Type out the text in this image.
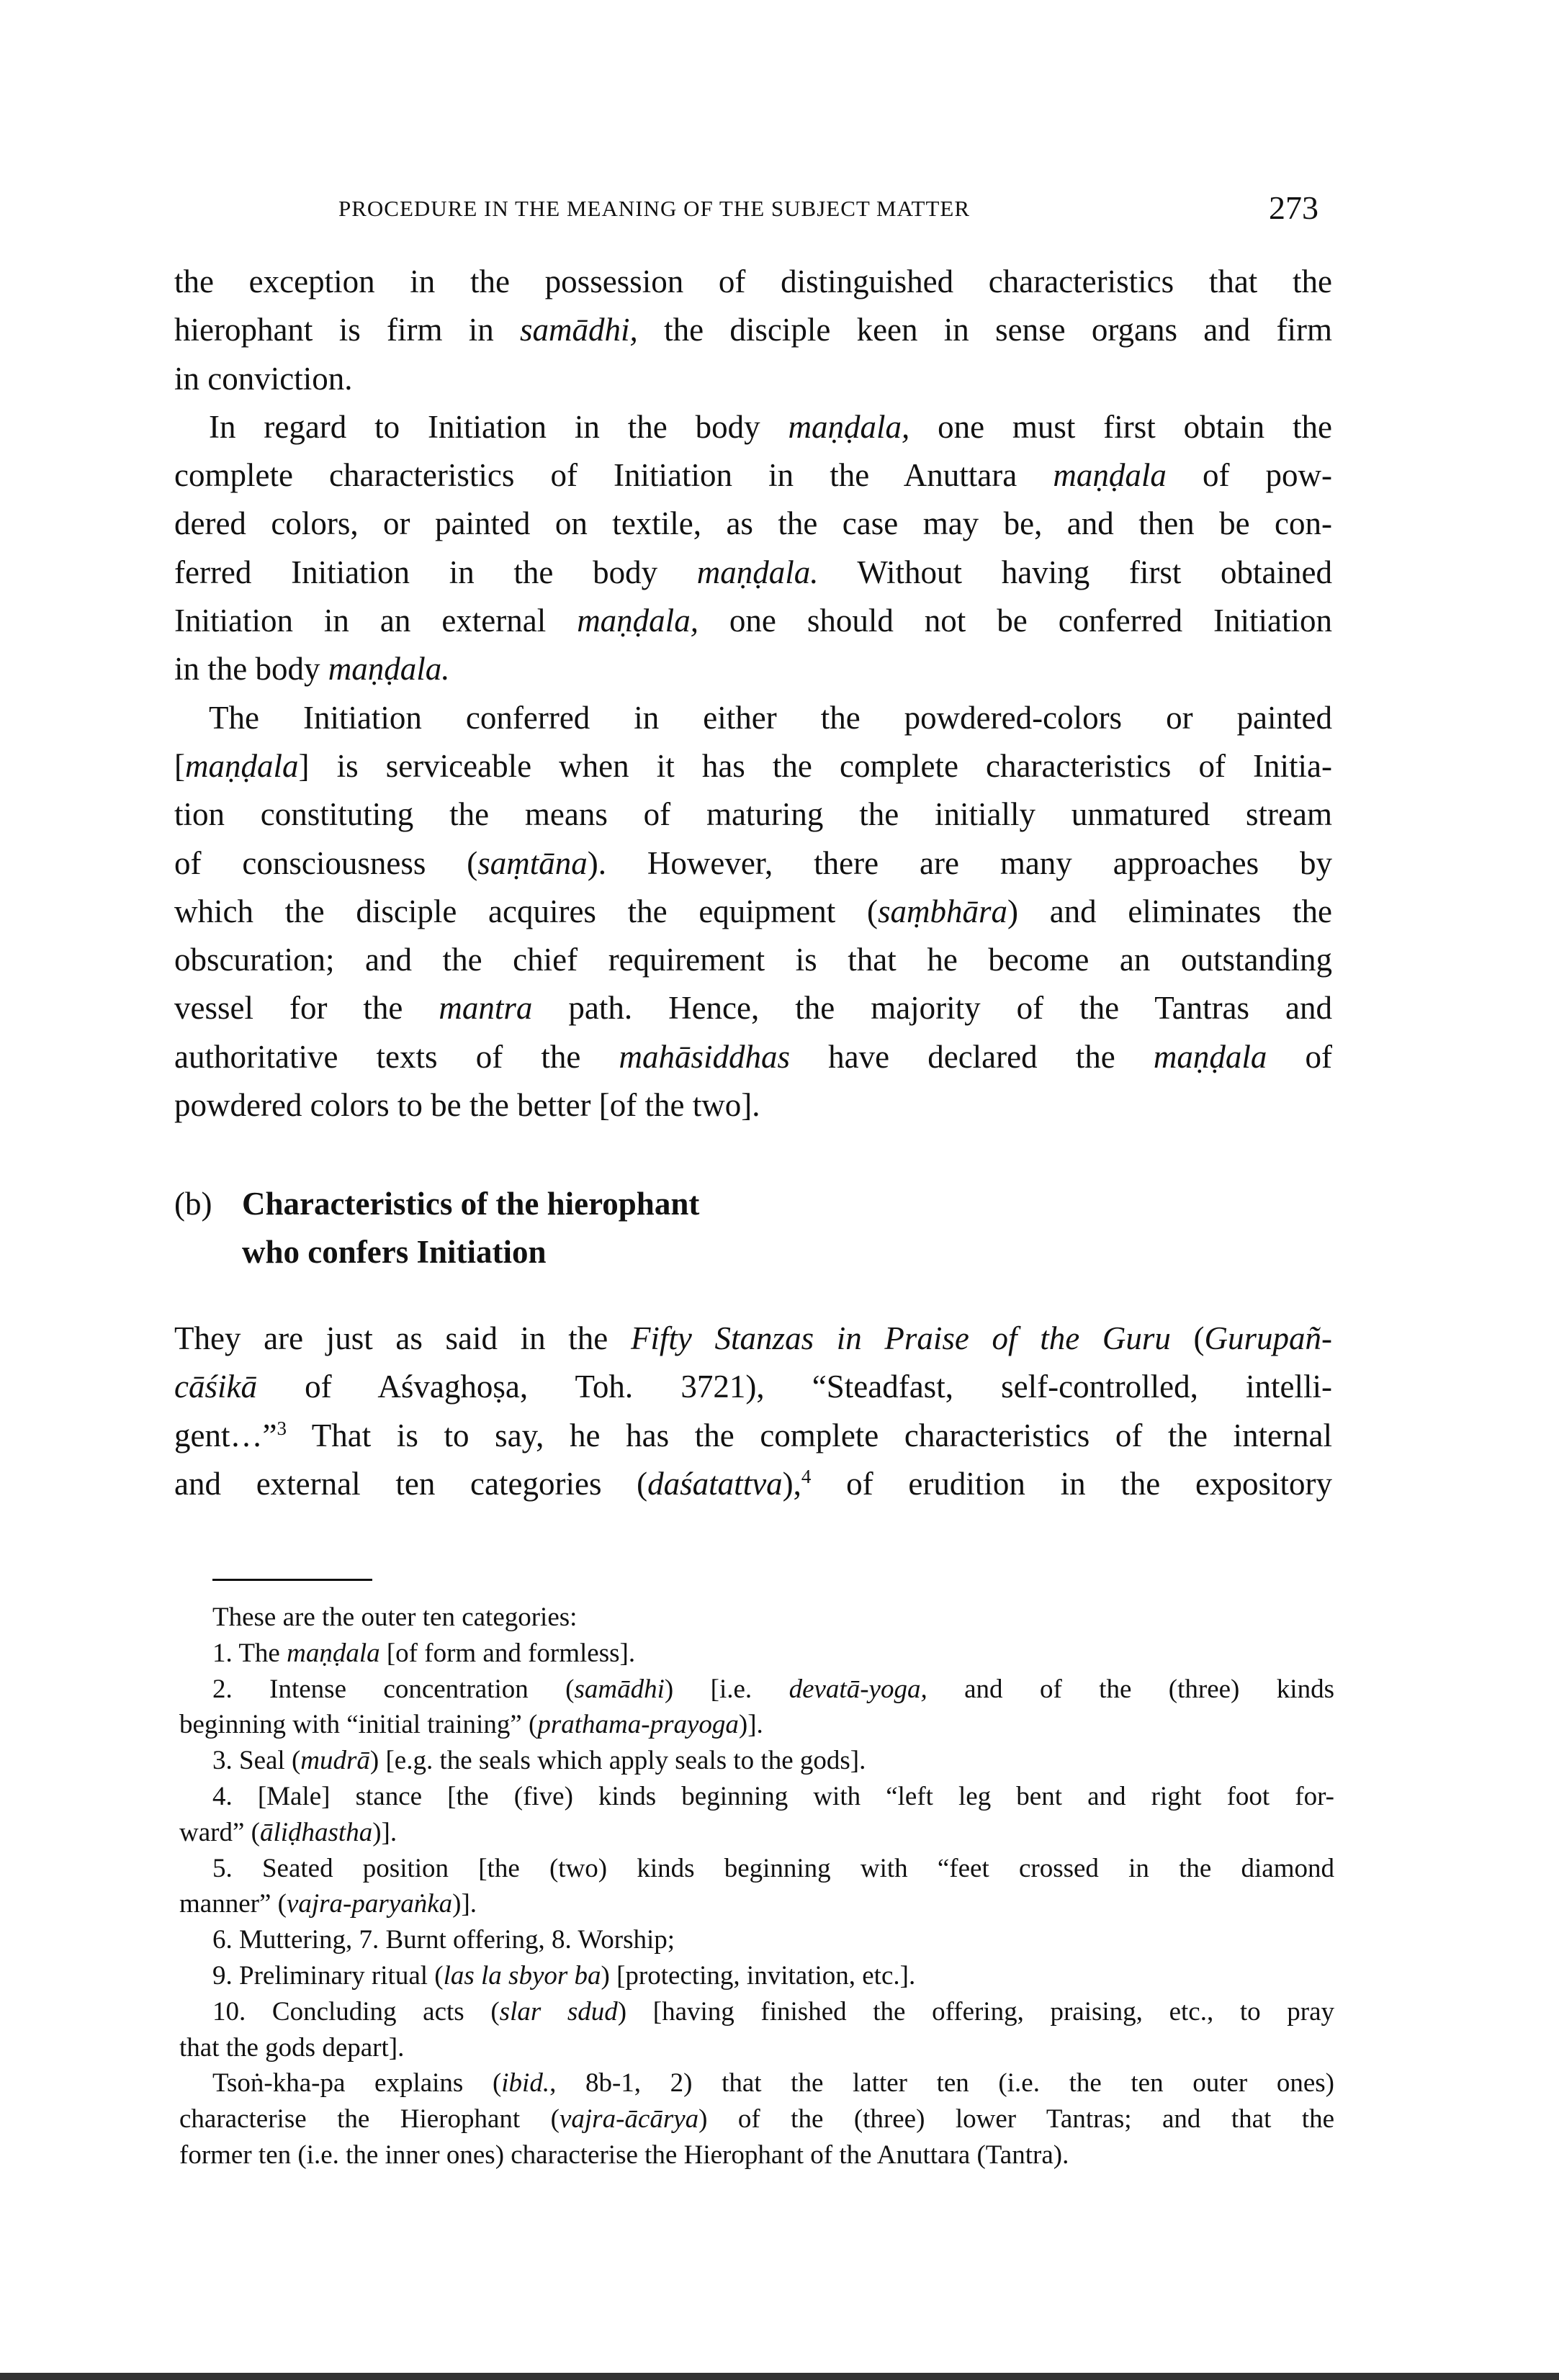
PROCEDURE IN THE MEANING OF THE SUBJECT MATTER	273
the exception in the possession of distinguished characteristics that the
hierophant is firm in samādhi, the disciple keen in sense organs and firm
in conviction.
In regard to Initiation in the body maṇḍala, one must first obtain the
complete characteristics of Initiation in the Anuttara maṇḍala of pow-
dered colors, or painted on textile, as the case may be, and then be con-
ferred Initiation in the body maṇḍala. Without having first obtained
Initiation in an external maṇḍala, one should not be conferred Initiation
in the body maṇḍala.
The Initiation conferred in either the powdered-colors or painted
[maṇḍala] is serviceable when it has the complete characteristics of Initia-
tion constituting the means of maturing the initially unmatured stream
of consciousness (saṃtāna). However, there are many approaches by
which the disciple acquires the equipment (saṃbhāra) and eliminates the
obscuration; and the chief requirement is that he become an outstanding
vessel for the mantra path. Hence, the majority of the Tantras and
authoritative texts of the mahāsiddhas have declared the maṇḍala of
powdered colors to be the better [of the two].
(b) Characteristics of the hierophant
who confers Initiation
They are just as said in the Fifty Stanzas in Praise of the Guru (Gurupañ-
cāśikā of Aśvaghoṣa, Toh. 3721), “Steadfast, self-controlled, intelli-
gent…”$^3$ That is to say, he has the complete characteristics of the internal
and external ten categories (daśatattva),$^4$ of erudition in the expository
These are the outer ten categories:
1. The maṇḍala [of form and formless].
2. Intense concentration (samādhi) [i.e. devatā-yoga, and of the (three) kinds
beginning with “initial training” (prathama-prayoga)].
3. Seal (mudrā) [e.g. the seals which apply seals to the gods].
4. [Male] stance [the (five) kinds beginning with “left leg bent and right foot for-
ward” (āliḍhastha)].
5. Seated position [the (two) kinds beginning with “feet crossed in the diamond
manner” (vajra-paryaṅka)].
6. Muttering, 7. Burnt offering, 8. Worship;
9. Preliminary ritual (las la sbyor ba) [protecting, invitation, etc.].
10. Concluding acts (slar sdud) [having finished the offering, praising, etc., to pray
that the gods depart].
Tsoṅ-kha-pa explains (ibid., 8b-1, 2) that the latter ten (i.e. the ten outer ones)
characterise the Hierophant (vajra-ācārya) of the (three) lower Tantras; and that the
former ten (i.e. the inner ones) characterise the Hierophant of the Anuttara (Tantra).
